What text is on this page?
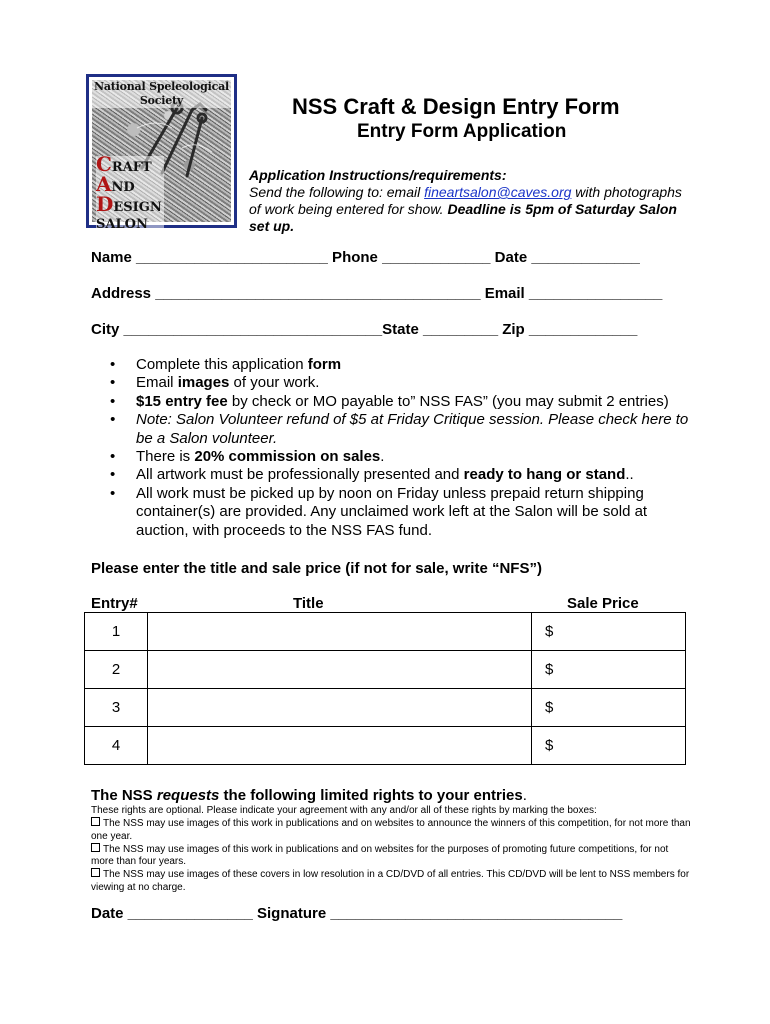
National Speleological Society
CRAFT
AND
DESIGN
SALON
NSS Craft & Design Entry Form
Entry Form Application
Application Instructions/requirements:
Send the following to: email fineartsalon@caves.org with photographs of work being entered for show. Deadline is 5pm of Saturday Salon set up.
Name _______________________ Phone _____________ Date _____________
Address _______________________________________ Email ________________
City _______________________________State _________ Zip _____________
• Complete this application form
• Email images of your work.
• $15 entry fee by check or MO payable to” NSS FAS” (you may submit 2 entries)
• Note: Salon Volunteer refund of $5 at Friday Critique session. Please check here to be a Salon volunteer.
• There is 20% commission on sales.
• All artwork must be professionally presented and ready to hang or stand..
• All work must be picked up by noon on Friday unless prepaid return shipping container(s) are provided. Any unclaimed work left at the Salon will be sold at auction, with proceeds to the NSS FAS fund.
Please enter the title and sale price (if not for sale, write “NFS”)
Entry#	Title	Sale Price
1		$
2		$
3		$
4		$
The NSS requests the following limited rights to your entries.
These rights are optional. Please indicate your agreement with any and/or all of these rights by marking the boxes:
The NSS may use images of this work in publications and on websites to announce the winners of this competition, for not more than one year.
The NSS may use images of this work in publications and on websites for the purposes of promoting future competitions, for not more than four years.
The NSS may use images of these covers in low resolution in a CD/DVD of all entries. This CD/DVD will be lent to NSS members for viewing at no charge.
Date _______________ Signature ___________________________________
